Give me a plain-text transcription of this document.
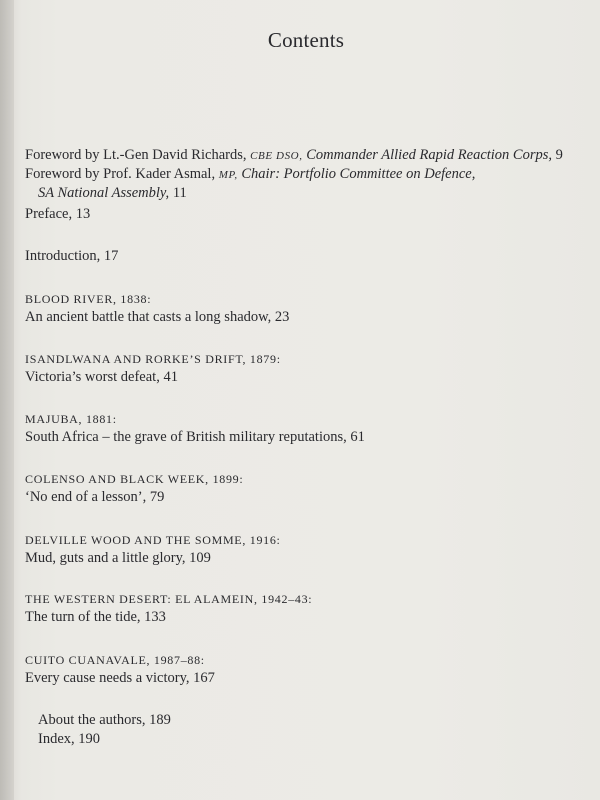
Contents
Foreword by Lt.-Gen David Richards, CBE DSO, Commander Allied Rapid Reaction Corps, 9
Foreword by Prof. Kader Asmal, MP, Chair: Portfolio Committee on Defence,
SA National Assembly, 11
Preface, 13
Introduction, 17
BLOOD RIVER, 1838:
An ancient battle that casts a long shadow, 23
ISANDLWANA AND RORKE’S DRIFT, 1879:
Victoria’s worst defeat, 41
MAJUBA, 1881:
South Africa – the grave of British military reputations, 61
COLENSO AND BLACK WEEK, 1899:
‘No end of a lesson’, 79
DELVILLE WOOD AND THE SOMME, 1916:
Mud, guts and a little glory, 109
THE WESTERN DESERT: EL ALAMEIN, 1942–43:
The turn of the tide, 133
CUITO CUANAVALE, 1987–88:
Every cause needs a victory, 167
About the authors, 189
Index, 190
